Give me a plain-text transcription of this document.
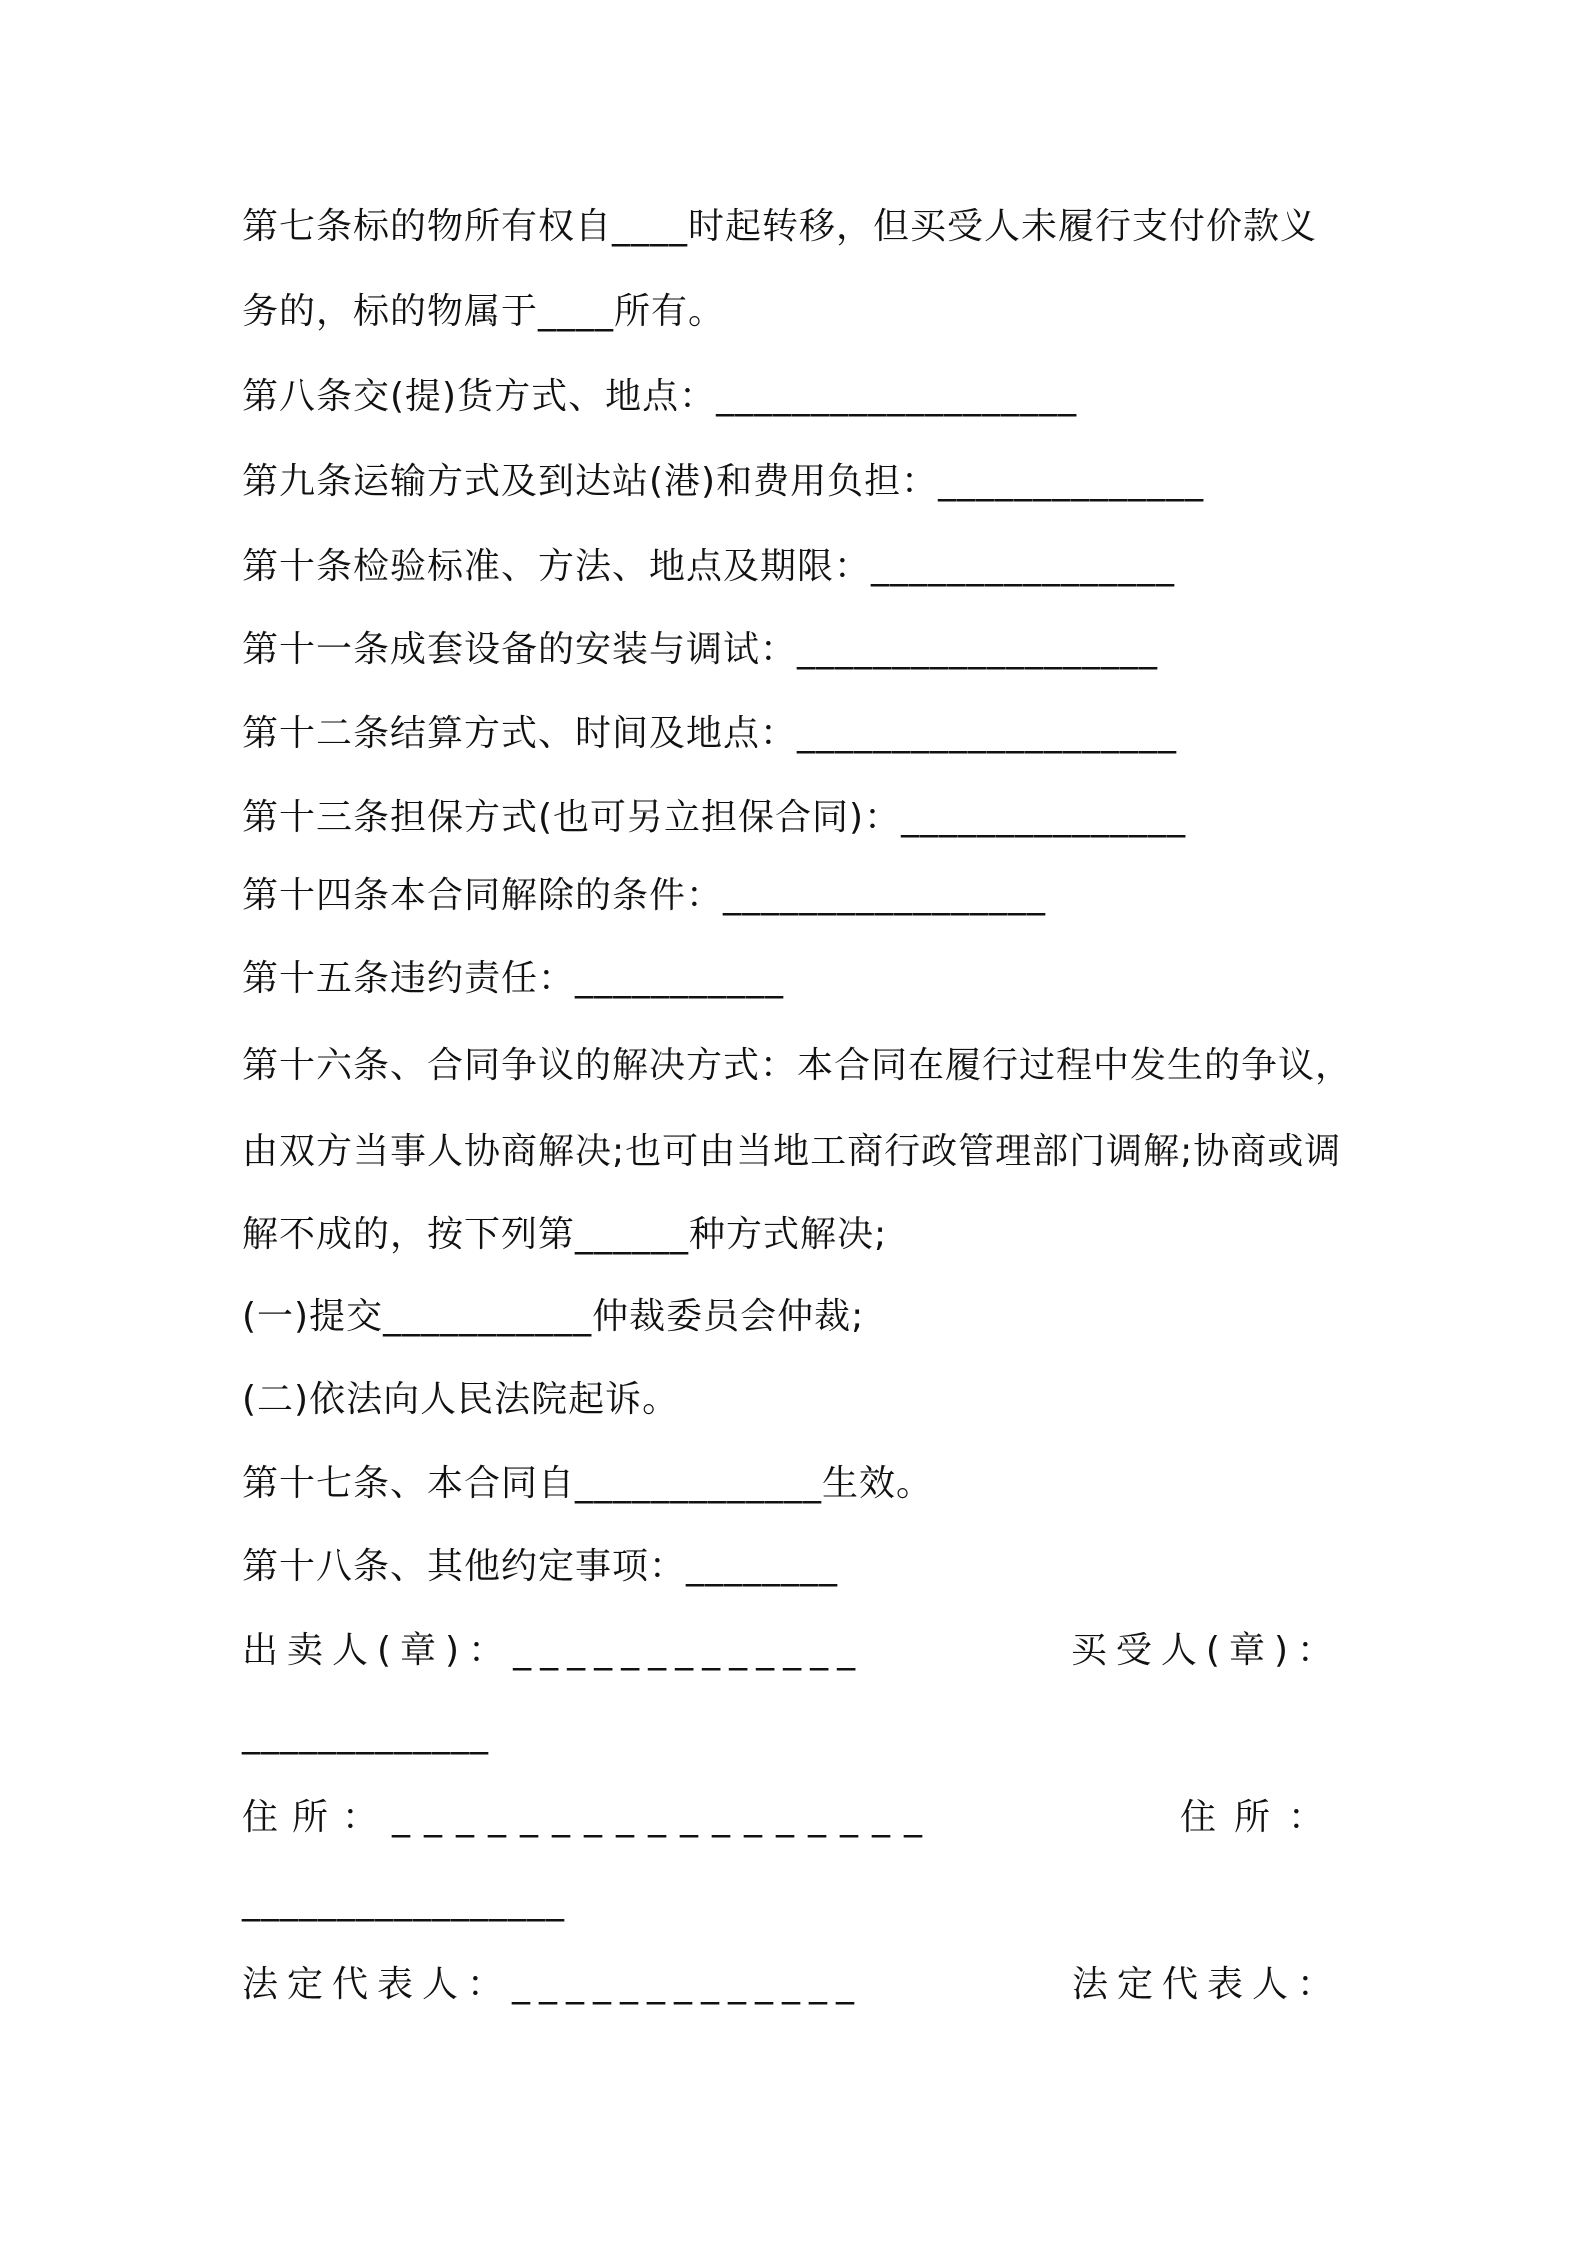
第七条标的物所有权自____时起转移，但买受人未履行支付价款义
务的，标的物属于____所有。
第八条交(提)货方式、地点：___________________
第九条运输方式及到达站(港)和费用负担：______________
第十条检验标准、方法、地点及期限：________________
第十一条成套设备的安装与调试：___________________
第十二条结算方式、时间及地点：____________________
第十三条担保方式(也可另立担保合同)：_______________
第十四条本合同解除的条件：_________________
第十五条违约责任：___________
第十六条、合同争议的解决方式：本合同在履行过程中发生的争议，
由双方当事人协商解决;也可由当地工商行政管理部门调解;协商或调
解不成的，按下列第______种方式解决;
(一)提交___________仲裁委员会仲裁;
(二)依法向人民法院起诉。
第十七条、本合同自_____________生效。
第十八条、其他约定事项：________
出卖人(章)：_____________	买受人(章)：
_____________
住所：_________________	住所：
_________________
法定代表人：_____________	法定代表人：
